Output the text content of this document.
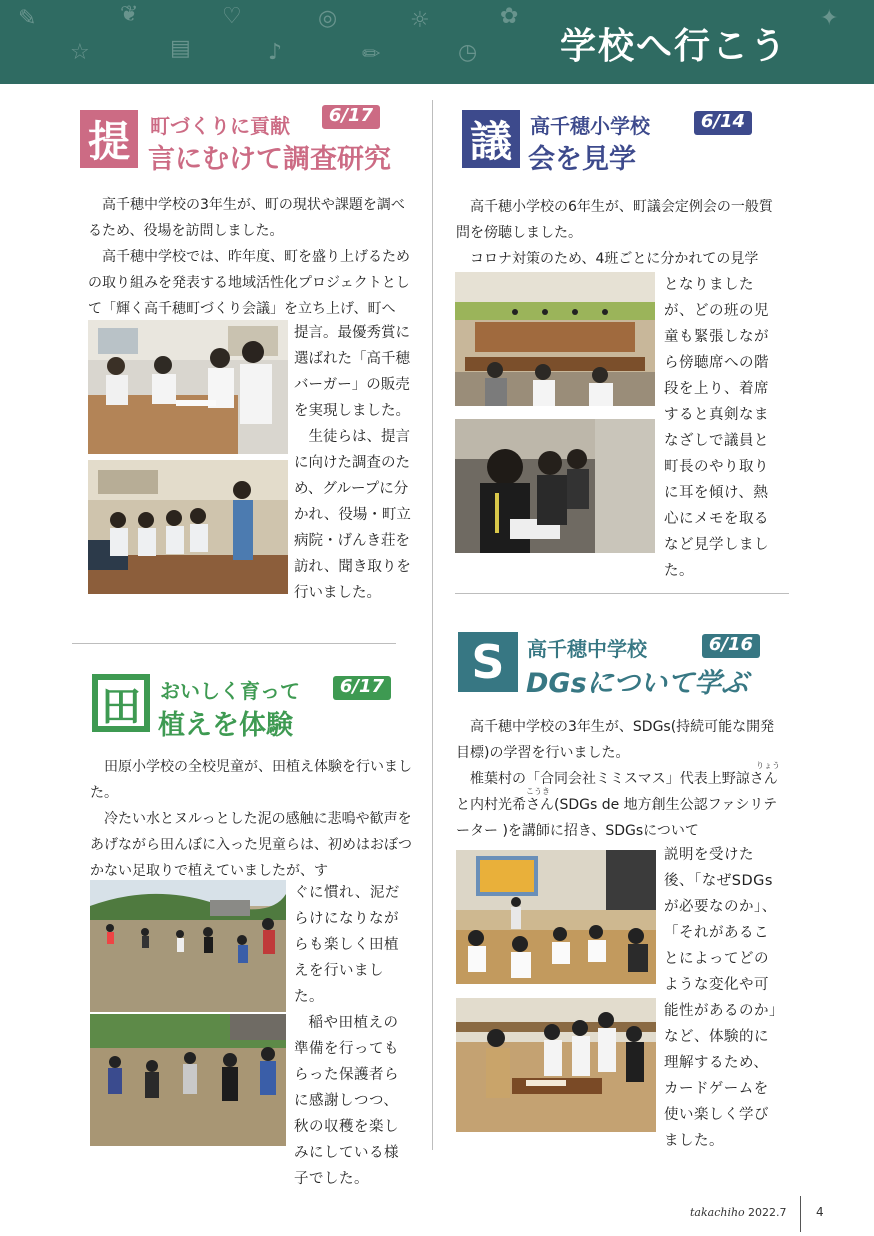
✎
☆
❦
▤
♡
♪
◎
✏
☼
◷
✿	✦
学校へ行こう
提	町づくりに貢献	6/17
言にむけて調査研究

高千穂中学校の3年生が、町の現状や課題を調べるため、役場を訪問しました。

高千穂中学校では、昨年度、町を盛り上げるための取り組みを発表する地域活性化プロジェクトとして「輝く高千穂町づくり会議」を立ち上げ、町へ

提言。最優秀賞に選ばれた「高千穂バーガー」の販売を実現しました。

生徒らは、提言に向けた調査のため、グループに分かれ、役場・町立病院・げんき荘を訪れ、聞き取りを行いました。

議 高千穂小学校	6/14
会を見学

高千穂小学校の6年生が、町議会定例会の一般質問を傍聴しました。

コロナ対策のため、4班ごとに分かれての見学

となりましたが、どの班の児童も緊張しながら傍聴席への階段を上り、着席すると真剣なまなざしで議員と町長のやり取りに耳を傾け、熱心にメモを取るなど見学しました。

田 おいしく育って	6/17
植えを体験

田原小学校の全校児童が、田植え体験を行いました。

冷たい水とヌルっとした泥の感触に悲鳴や歓声をあげながら田んぼに入った児童らは、初めはおぼつかない足取りで植えていましたが、す

ぐに慣れ、泥だらけになりながらも楽しく田植えを行いました。

稲や田植えの準備を行ってもらった保護者らに感謝しつつ、秋の収穫を楽しみにしている様子でした。

S	高千穂中学校	6/16
DGsについて学ぶ

高千穂中学校の3年生が、SDGs(持続可能な開発目標)の学習を行いました。

椎葉村の「合同会社ミミスマス」代表上野諒さんと内村光希さん(SDGs de 地方創生公認ファシリテーター )を講師に招き、SDGsについて

りょう
こうき

説明を受けた後、「なぜSDGsが必要なのか」、「それがあることによってどのような変化や可能性があるのか」など、体験的に理解するため、カードゲームを使い楽しく学びました。

takachiho 2022.7 4
